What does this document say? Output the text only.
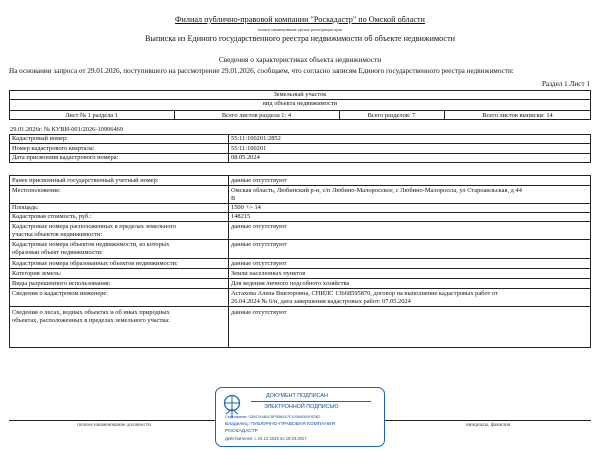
Филиал публично-правовой компании "Роскадастр" по Омской области
полное наименование органа регистрации прав
Выписка из Единого государственного реестра недвижимости об объекте недвижимости
Сведения о характеристиках объекта недвижимости
На основании запроса от 29.01.2026, поступившего на рассмотрение 29.01.2026, сообщаем, что согласно записям Единого государственного реестра недвижимости:
Раздел 1 Лист 1
Земельный участок
вид объекта недвижимости
Лист № 1 раздела 1	Всего листов раздела 1: 4	Всего разделов: 7	Всего листов выписки: 14
29.01.2026г. № КУВИ-001/2026-10906469
Кадастровый номер:	55:11:100201:2852
Номер кадастрового квартала:	55:11:100201
Дата присвоения кадастрового номера:	08.05.2024
Ранее присвоенный государственный учетный номер:	данные отсутствуют
Местоположение:	Омская область, Любинский р-н, с/п Любино-Малоросское, с Любино-Малороссы, ул Староаильская, д 44
В
Площадь:	1500 +/- 14
Кадастровая стоимость, руб.:	148215
Кадастровые номера расположенных в пределах земельного
участка объектов недвижимости:
данные отсутствуют
Кадастровые номера объектов недвижимости, из которых
образован объект недвижимости:
данные отсутствуют
Кадастровые номера образованных объектов недвижимости:	данные отсутствуют
Категория земель:	Земли населенных пунктов
Виды разрешенного использования:	Для ведения личного подсобного хозяйства
Сведения о кадастровом инженере:	Астахова Алена Викторовна, СНИЛС 13668595870, договор на выполнение кадастровых работ от
26.04.2024 № 6/н, дата завершения кадастровых работ: 07.05.2024
Сведения о лесах, водных объектах и об иных природных
объектах, расположенных в пределах земельного участка:
данные отсутствуют
полное наименование должности	инициалы, фамилия
ДОКУМЕНТ ПОДПИСАН
ЭЛЕКТРОННОЙ ПОДПИСЬЮ
Сертификат: 03007A4BA78F9B60A7F1058A085F0DB2
Владелец: ПУБЛИЧНО-ПРАВОВАЯ КОМПАНИЯ
РОСКАДАСТР
Действителен: с 24.12.2025 по 19.03.2027
